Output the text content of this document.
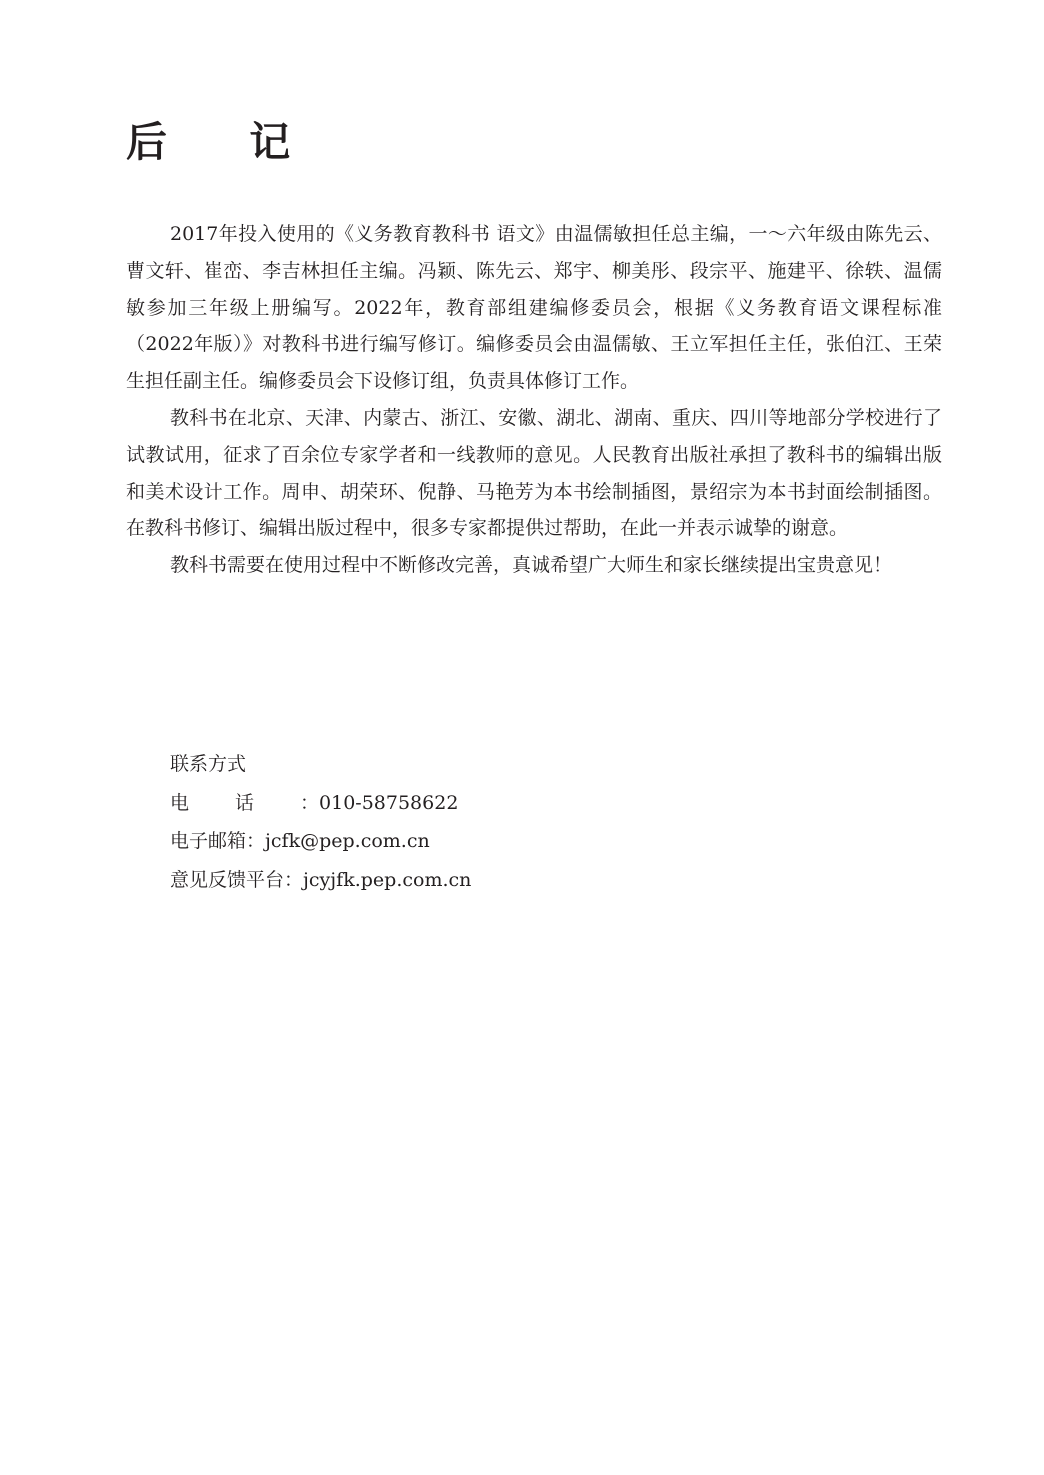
后 记

2017年投入使用的《义务教育教科书 语文》由温儒敏担任总主编，一～六年级由陈先云、曹文轩、崔峦、李吉林担任主编。冯颖、陈先云、郑宇、柳美彤、段宗平、施建平、徐轶、温儒敏参加三年级上册编写。2022年，教育部组建编修委员会，根据《义务教育语文课程标准（2022年版）》对教科书进行编写修订。编修委员会由温儒敏、王立军担任主任，张伯江、王荣生担任副主任。编修委员会下设修订组，负责具体修订工作。

教科书在北京、天津、内蒙古、浙江、安徽、湖北、湖南、重庆、四川等地部分学校进行了试教试用，征求了百余位专家学者和一线教师的意见。人民教育出版社承担了教科书的编辑出版和美术设计工作。周申、胡荣环、倪静、马艳芳为本书绘制插图，景绍宗为本书封面绘制插图。在教科书修订、编辑出版过程中，很多专家都提供过帮助，在此一并表示诚挚的谢意。

教科书需要在使用过程中不断修改完善，真诚希望广大师生和家长继续提出宝贵意见！

联系方式
电话：010-58758622
电子邮箱：jcfk@pep.com.cn
意见反馈平台：jcyjfk.pep.com.cn
